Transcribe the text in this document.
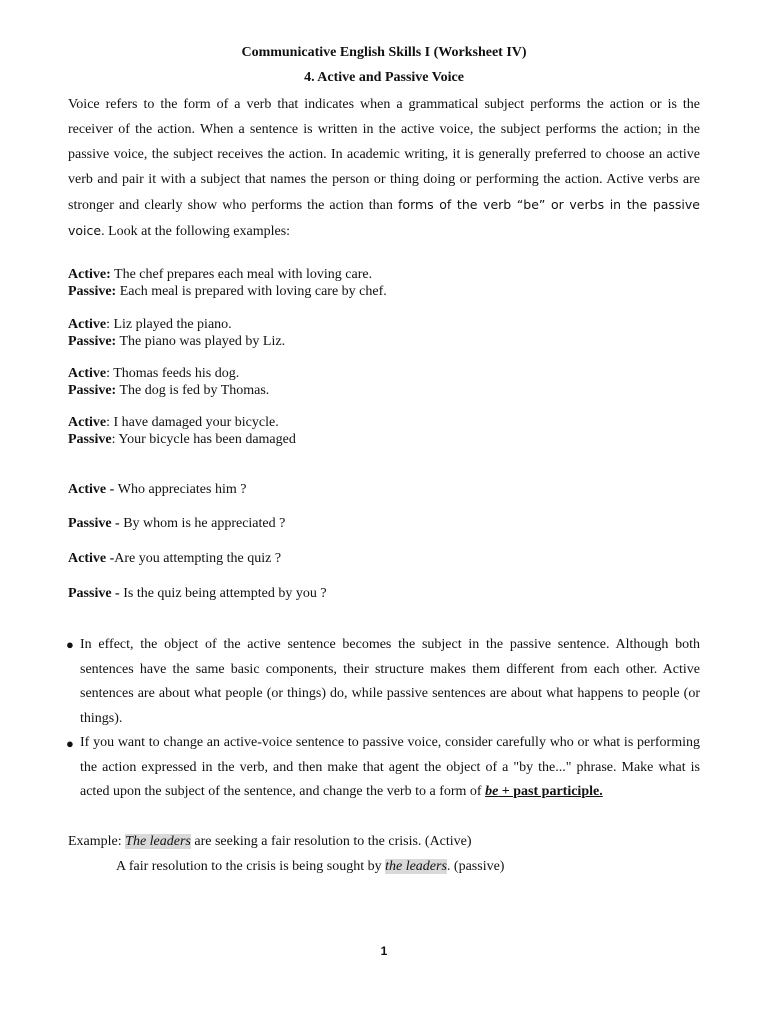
Communicative English Skills I (Worksheet IV)
4. Active and Passive Voice
Voice refers to the form of a verb that indicates when a grammatical subject performs the action or is the receiver of the action. When a sentence is written in the active voice, the subject performs the action; in the passive voice, the subject receives the action. In academic writing, it is generally preferred to choose an active verb and pair it with a subject that names the person or thing doing or performing the action. Active verbs are stronger and clearly show who performs the action than forms of the verb “be” or verbs in the passive voice. Look at the following examples:
Active: The chef prepares each meal with loving care.
Passive: Each meal is prepared with loving care by chef.
Active: Liz played the piano.
Passive: The piano was played by Liz.
Active: Thomas feeds his dog.
Passive: The dog is fed by Thomas.
Active: I have damaged your bicycle.
Passive: Your bicycle has been damaged
Active - Who appreciates him ?
Passive - By whom is he appreciated ?
Active -Are you attempting the quiz ?
Passive - Is the quiz being attempted by you ?
● In effect, the object of the active sentence becomes the subject in the passive sentence. Although both sentences have the same basic components, their structure makes them different from each other. Active sentences are about what people (or things) do, while passive sentences are about what happens to people (or things).
● If you want to change an active-voice sentence to passive voice, consider carefully who or what is performing the action expressed in the verb, and then make that agent the object of a "by the..." phrase. Make what is acted upon the subject of the sentence, and change the verb to a form of be + past participle.
Example: The leaders are seeking a fair resolution to the crisis. (Active)
A fair resolution to the crisis is being sought by the leaders. (passive)
1
